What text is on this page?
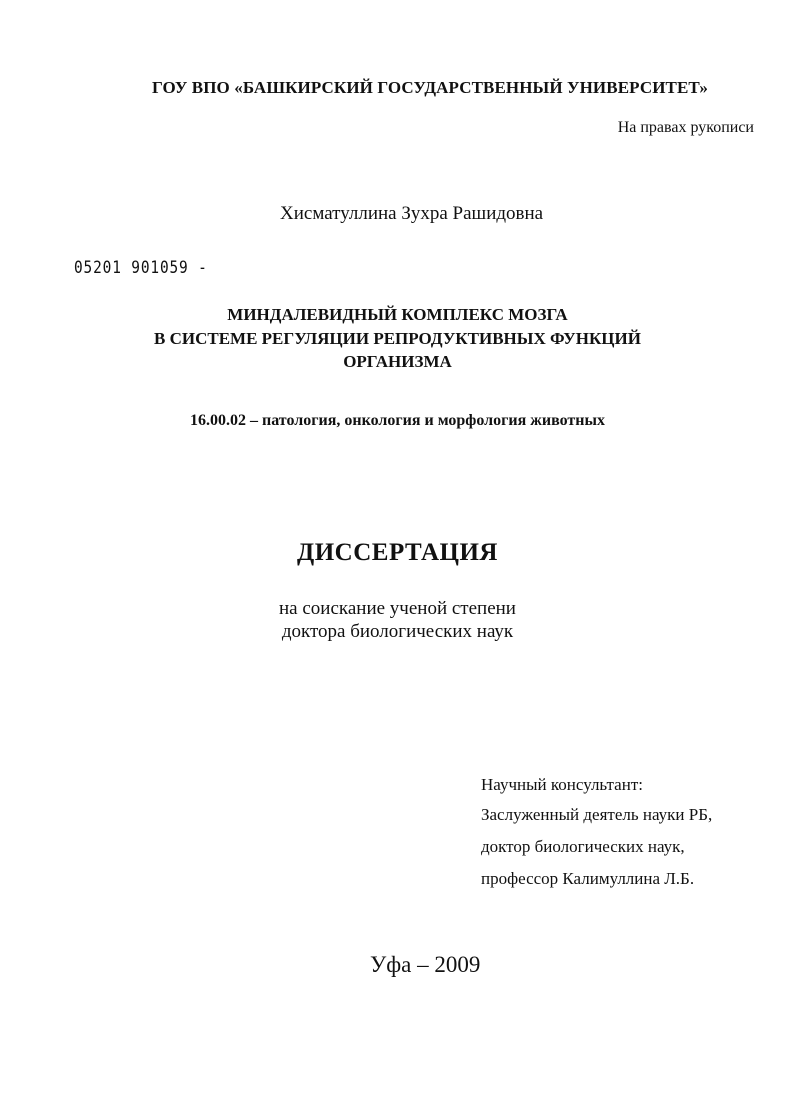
ГОУ ВПО «БАШКИРСКИЙ ГОСУДАРСТВЕННЫЙ УНИВЕРСИТЕТ»
На правах рукописи
Хисматуллина Зухра Рашидовна
05201 901059 -
МИНДАЛЕВИДНЫЙ КОМПЛЕКС МОЗГА
В СИСТЕМЕ РЕГУЛЯЦИИ РЕПРОДУКТИВНЫХ ФУНКЦИЙ
ОРГАНИЗМА
16.00.02 – патология, онкология и морфология животных
ДИССЕРТАЦИЯ
на соискание ученой степени
доктора биологических наук
Научный консультант:
Заслуженный деятель науки РБ,
доктор биологических наук,
профессор Калимуллина Л.Б.
Уфа – 2009
